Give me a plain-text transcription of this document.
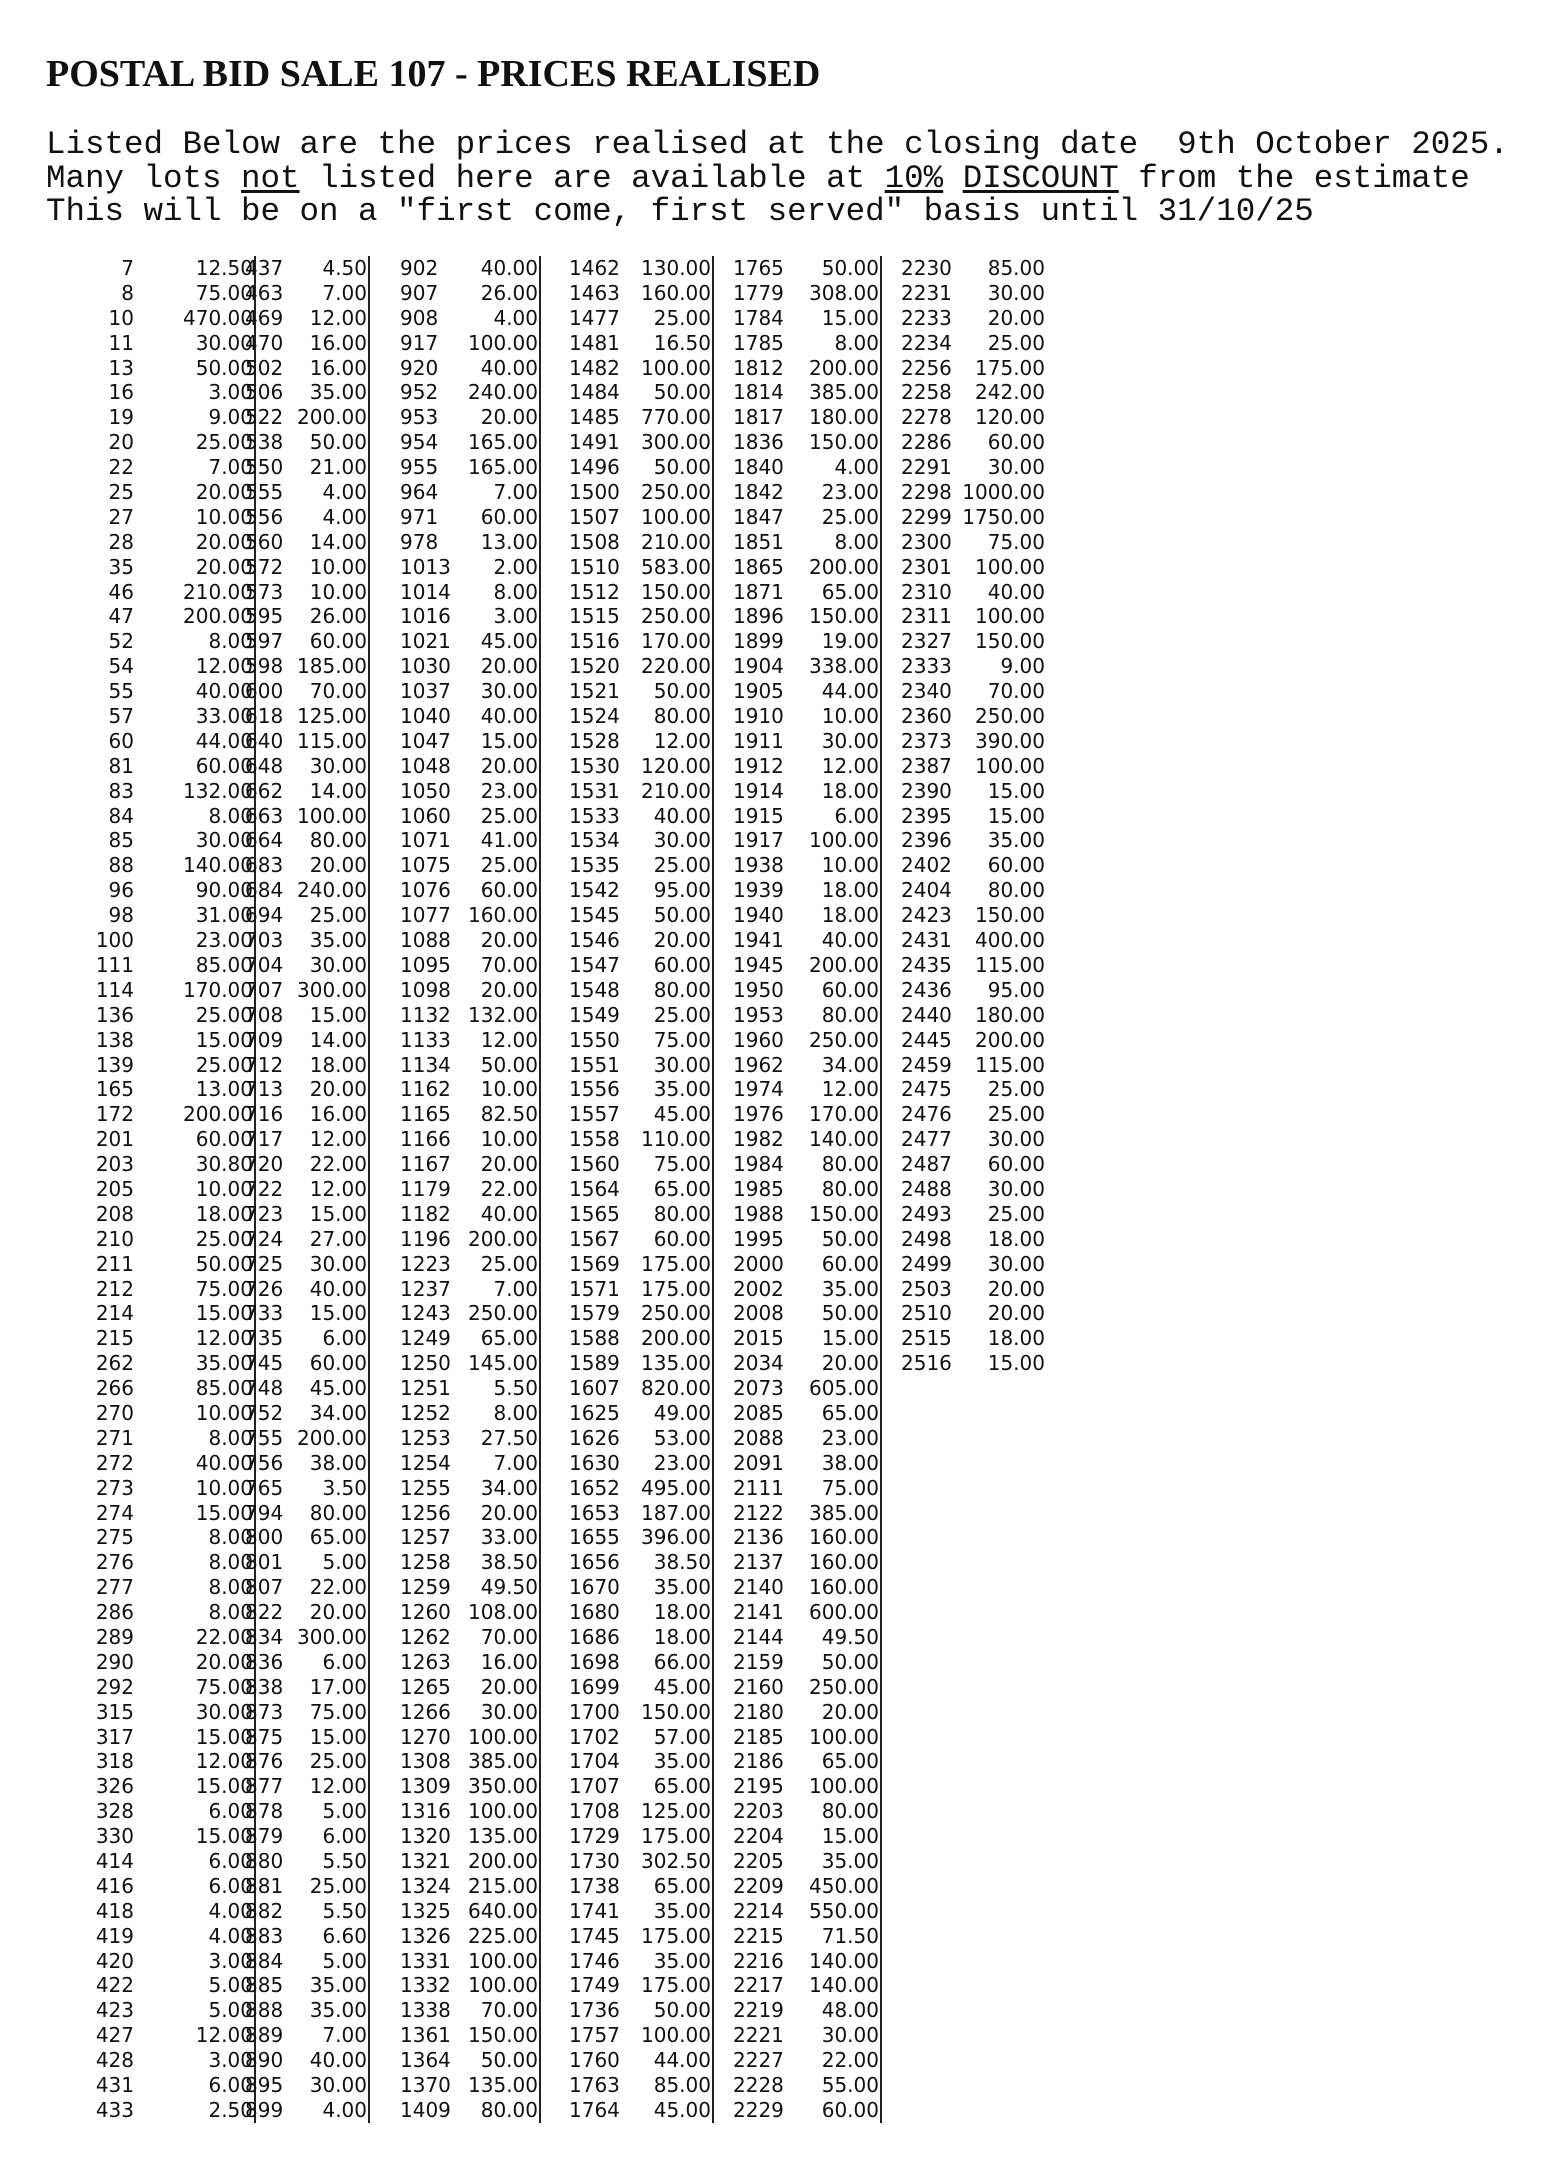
POSTAL BID SALE 107 - PRICES REALISED
Listed Below are the prices realised at the closing date  9th October 2025.
Many lots not listed here are available at 10% DISCOUNT from the estimate
This will be on a "first come, first served" basis until 31/10/25
7	12.50
8	75.00
10 470.00
11	30.00
13	50.00
16	3.00
19	9.00
20	25.00
22	7.00
25	20.00
27	10.00
28	20.00
35	20.00
46 210.00
47 200.00
52	8.00
54	12.00
55	40.00
57	33.00
60	44.00
81	60.00
83 132.00
84	8.00
85	30.00
88 140.00
96	90.00
98	31.00
100	23.00
111	85.00
114 170.00
136	25.00
138	15.00
139	25.00
165	13.00
172 200.00
201	60.00
203	30.80
205	10.00
208	18.00
210	25.00
211	50.00
212	75.00
214	15.00
215	12.00
262	35.00
266	85.00
270	10.00
271	8.00
272	40.00
273	10.00
274	15.00
275	8.00
276	8.00
277	8.00
286	8.00
289	22.00
290	20.00
292	75.00
315	30.00
317	15.00
318	12.00
326	15.00
328	6.00
330	15.00
414	6.00
416	6.00
418	4.00
419	4.00
420	3.00
422	5.00
423	5.00
427	12.00
428	3.00
431	6.00
433	2.50
437 4.50
463 7.00
469 12.00
470 16.00
502 16.00
506 35.00
522 200.00
538 50.00
550 21.00
555 4.00
556 4.00
560 14.00
572 10.00
573 10.00
595 26.00
597 60.00
598 185.00
600 70.00
618 125.00
640 115.00
648 30.00
662 14.00
663 100.00
664 80.00
683 20.00
684 240.00
694 25.00
703 35.00
704 30.00
707 300.00
708 15.00
709 14.00
712 18.00
713 20.00
716 16.00
717 12.00
720 22.00
722 12.00
723 15.00
724 27.00
725 30.00
726 40.00
733 15.00
735 6.00
745 60.00
748 45.00
752 34.00
755 200.00
756 38.00
765 3.50
794 80.00
800 65.00
801 5.00
807 22.00
822 20.00
834 300.00
836 6.00
838 17.00
873 75.00
875 15.00
876 25.00
877 12.00
878 5.00
879 6.00
880 5.50
881 25.00
882 5.50
883 6.60
884 5.00
885 35.00
888 35.00
889 7.00
890 40.00
895 30.00
899 4.00
902 40.00
907 26.00
908	4.00
917 100.00
920 40.00
952 240.00
953 20.00
954 165.00
955 165.00
964	7.00
971 60.00
978 13.00
1013 2.00
1014 8.00
1016 3.00
1021 45.00
1030 20.00
1037 30.00
1040 40.00
1047 15.00
1048 20.00
1050 23.00
1060 25.00
1071 41.00
1075 25.00
1076 60.00
1077 160.00
1088 20.00
1095 70.00
1098 20.00
1132 132.00
1133 12.00
1134 50.00
1162 10.00
1165 82.50
1166 10.00
1167 20.00
1179 22.00
1182 40.00
1196 200.00
1223 25.00
1237 7.00
1243 250.00
1249 65.00
1250 145.00
1251 5.50
1252 8.00
1253 27.50
1254 7.00
1255 34.00
1256 20.00
1257 33.00
1258 38.50
1259 49.50
1260 108.00
1262 70.00
1263 16.00
1265 20.00
1266 30.00
1270 100.00
1308 385.00
1309 350.00
1316 100.00
1320 135.00
1321 200.00
1324 215.00
1325 640.00
1326 225.00
1331 100.00
1332 100.00
1338 70.00
1361 150.00
1364 50.00
1370 135.00
1409 80.00
1462 130.00
1463 160.00
1477 25.00
1481 16.50
1482 100.00
1484 50.00
1485 770.00
1491 300.00
1496 50.00
1500 250.00
1507 100.00
1508 210.00
1510 583.00
1512 150.00
1515 250.00
1516 170.00
1520 220.00
1521 50.00
1524 80.00
1528 12.00
1530 120.00
1531 210.00
1533 40.00
1534 30.00
1535 25.00
1542 95.00
1545 50.00
1546 20.00
1547 60.00
1548 80.00
1549 25.00
1550 75.00
1551 30.00
1556 35.00
1557 45.00
1558 110.00
1560 75.00
1564 65.00
1565 80.00
1567 60.00
1569 175.00
1571 175.00
1579 250.00
1588 200.00
1589 135.00
1607 820.00
1625 49.00
1626 53.00
1630 23.00
1652 495.00
1653 187.00
1655 396.00
1656 38.50
1670 35.00
1680 18.00
1686 18.00
1698 66.00
1699 45.00
1700 150.00
1702 57.00
1704 35.00
1707 65.00
1708 125.00
1729 175.00
1730 302.50
1738 65.00
1741 35.00
1745 175.00
1746 35.00
1749 175.00
1736 50.00
1757 100.00
1760 44.00
1763 85.00
1764 45.00
1765 50.00
1779 308.00
1784 15.00
1785	8.00
1812 200.00
1814 385.00
1817 180.00
1836 150.00
1840	4.00
1842 23.00
1847 25.00
1851	8.00
1865 200.00
1871 65.00
1896 150.00
1899 19.00
1904 338.00
1905 44.00
1910 10.00
1911 30.00
1912 12.00
1914 18.00
1915	6.00
1917 100.00
1938 10.00
1939 18.00
1940 18.00
1941 40.00
1945 200.00
1950 60.00
1953 80.00
1960 250.00
1962 34.00
1974 12.00
1976 170.00
1982 140.00
1984 80.00
1985 80.00
1988 150.00
1995 50.00
2000 60.00
2002 35.00
2008 50.00
2015 15.00
2034 20.00
2073 605.00
2085 65.00
2088 23.00
2091 38.00
2111 75.00
2122 385.00
2136 160.00
2137 160.00
2140 160.00
2141 600.00
2144 49.50
2159 50.00
2160 250.00
2180 20.00
2185 100.00
2186 65.00
2195 100.00
2203 80.00
2204 15.00
2205 35.00
2209 450.00
2214 550.00
2215 71.50
2216 140.00
2217 140.00
2219 48.00
2221 30.00
2227 22.00
2228 55.00
2229 60.00
2230 85.00
2231 30.00
2233 20.00
2234 25.00
2256 175.00
2258 242.00
2278 120.00
2286 60.00
2291 30.00
2298 1000.00
2299 1750.00
2300 75.00
2301 100.00
2310 40.00
2311 100.00
2327 150.00
2333 9.00
2340 70.00
2360 250.00
2373 390.00
2387 100.00
2390 15.00
2395 15.00
2396 35.00
2402 60.00
2404 80.00
2423 150.00
2431 400.00
2435 115.00
2436 95.00
2440 180.00
2445 200.00
2459 115.00
2475 25.00
2476 25.00
2477 30.00
2487 60.00
2488 30.00
2493 25.00
2498 18.00
2499 30.00
2503 20.00
2510 20.00
2515 18.00
2516 15.00
